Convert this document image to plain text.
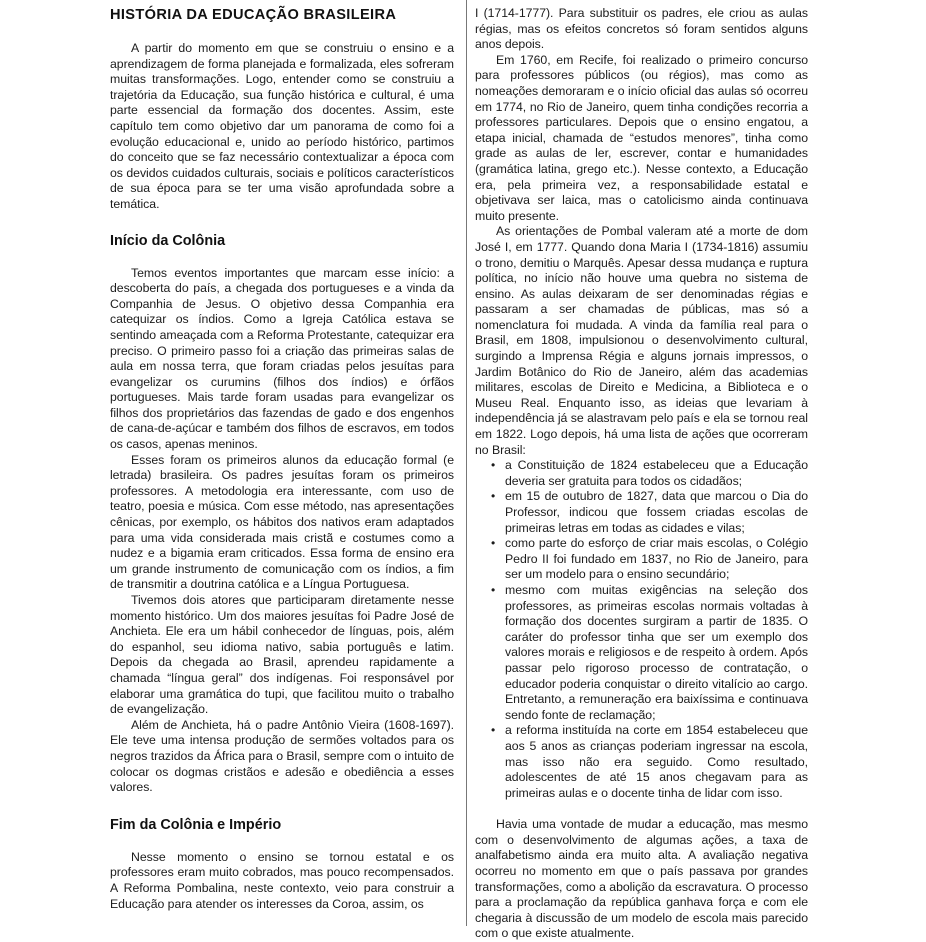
HISTÓRIA DA EDUCAÇÃO BRASILEIRA

A partir do momento em que se construiu o ensino e a aprendizagem de forma planejada e formalizada, eles sofreram muitas transformações. Logo, entender como se construiu a trajetória da Educação, sua função histórica e cultural, é uma parte essencial da formação dos docentes. Assim, este capítulo tem como objetivo dar um panorama de como foi a evolução educacional e, unido ao período histórico, partimos do conceito que se faz necessário contextualizar a época com os devidos cuidados culturais, sociais e políticos característicos de sua época para se ter uma visão aprofundada sobre a temática.

Início da Colônia

Temos eventos importantes que marcam esse início: a descoberta do país, a chegada dos portugueses e a vinda da Companhia de Jesus. O objetivo dessa Companhia era catequizar os índios. Como a Igreja Católica estava se sentindo ameaçada com a Reforma Protestante, catequizar era preciso. O primeiro passo foi a criação das primeiras salas de aula em nossa terra, que foram criadas pelos jesuítas para evangelizar os curumins (filhos dos índios) e órfãos portugueses. Mais tarde foram usadas para evangelizar os filhos dos proprietários das fazendas de gado e dos engenhos de cana-de-açúcar e também dos filhos de escravos, em todos os casos, apenas meninos.

Esses foram os primeiros alunos da educação formal (e letrada) brasileira. Os padres jesuítas foram os primeiros professores. A metodologia era interessante, com uso de teatro, poesia e música. Com esse método, nas apresentações cênicas, por exemplo, os hábitos dos nativos eram adaptados para uma vida considerada mais cristã e costumes como a nudez e a bigamia eram criticados. Essa forma de ensino era um grande instrumento de comunicação com os índios, a fim de transmitir a doutrina católica e a Língua Portuguesa.

Tivemos dois atores que participaram diretamente nesse momento histórico. Um dos maiores jesuítas foi Padre José de Anchieta. Ele era um hábil conhecedor de línguas, pois, além do espanhol, seu idioma nativo, sabia português e latim. Depois da chegada ao Brasil, aprendeu rapidamente a chamada “língua geral” dos indígenas. Foi responsável por elaborar uma gramática do tupi, que facilitou muito o trabalho de evangelização.

Além de Anchieta, há o padre Antônio Vieira (1608-1697). Ele teve uma intensa produção de sermões voltados para os negros trazidos da África para o Brasil, sempre com o intuito de colocar os dogmas cristãos e adesão e obediência a esses valores.

Fim da Colônia e Império

Nesse momento o ensino se tornou estatal e os professores eram muito cobrados, mas pouco recompensados. A Reforma Pombalina, neste contexto, veio para construir a Educação para atender os interesses da Coroa, assim, os

I (1714-1777). Para substituir os padres, ele criou as aulas régias, mas os efeitos concretos só foram sentidos alguns anos depois.

Em 1760, em Recife, foi realizado o primeiro concurso para professores públicos (ou régios), mas como as nomeações demoraram e o início oficial das aulas só ocorreu em 1774, no Rio de Janeiro, quem tinha condições recorria a professores particulares. Depois que o ensino engatou, a etapa inicial, chamada de “estudos menores”, tinha como grade as aulas de ler, escrever, contar e humanidades (gramática latina, grego etc.). Nesse contexto, a Educação era, pela primeira vez, a responsabilidade estatal e objetivava ser laica, mas o catolicismo ainda continuava muito presente.

As orientações de Pombal valeram até a morte de dom José I, em 1777. Quando dona Maria I (1734-1816) assumiu o trono, demitiu o Marquês. Apesar dessa mudança e ruptura política, no início não houve uma quebra no sistema de ensino. As aulas deixaram de ser denominadas régias e passaram a ser chamadas de públicas, mas só a nomenclatura foi mudada. A vinda da família real para o Brasil, em 1808, impulsionou o desenvolvimento cultural, surgindo a Imprensa Régia e alguns jornais impressos, o Jardim Botânico do Rio de Janeiro, além das academias militares, escolas de Direito e Medicina, a Biblioteca e o Museu Real. Enquanto isso, as ideias que levariam à independência já se alastravam pelo país e ela se tornou real em 1822. Logo depois, há uma lista de ações que ocorreram no Brasil:

• a Constituição de 1824 estabeleceu que a Educação deveria ser gratuita para todos os cidadãos;
• em 15 de outubro de 1827, data que marcou o Dia do Professor, indicou que fossem criadas escolas de primeiras letras em todas as cidades e vilas;
• como parte do esforço de criar mais escolas, o Colégio Pedro II foi fundado em 1837, no Rio de Janeiro, para ser um modelo para o ensino secundário;
• mesmo com muitas exigências na seleção dos professores, as primeiras escolas normais voltadas à formação dos docentes surgiram a partir de 1835. O caráter do professor tinha que ser um exemplo dos valores morais e religiosos e de respeito à ordem. Após passar pelo rigoroso processo de contratação, o educador poderia conquistar o direito vitalício ao cargo. Entretanto, a remuneração era baixíssima e continuava sendo fonte de reclamação;
• a reforma instituída na corte em 1854 estabeleceu que aos 5 anos as crianças poderiam ingressar na escola, mas isso não era seguido. Como resultado, adolescentes de até 15 anos chegavam para as primeiras aulas e o docente tinha de lidar com isso.

Havia uma vontade de mudar a educação, mas mesmo com o desenvolvimento de algumas ações, a taxa de analfabetismo ainda era muito alta. A avaliação negativa ocorreu no momento em que o país passava por grandes transformações, como a abolição da escravatura. O processo para a proclamação da república ganhava força e com ele chegaria à discussão de um modelo de escola mais parecido com o que existe atualmente.
